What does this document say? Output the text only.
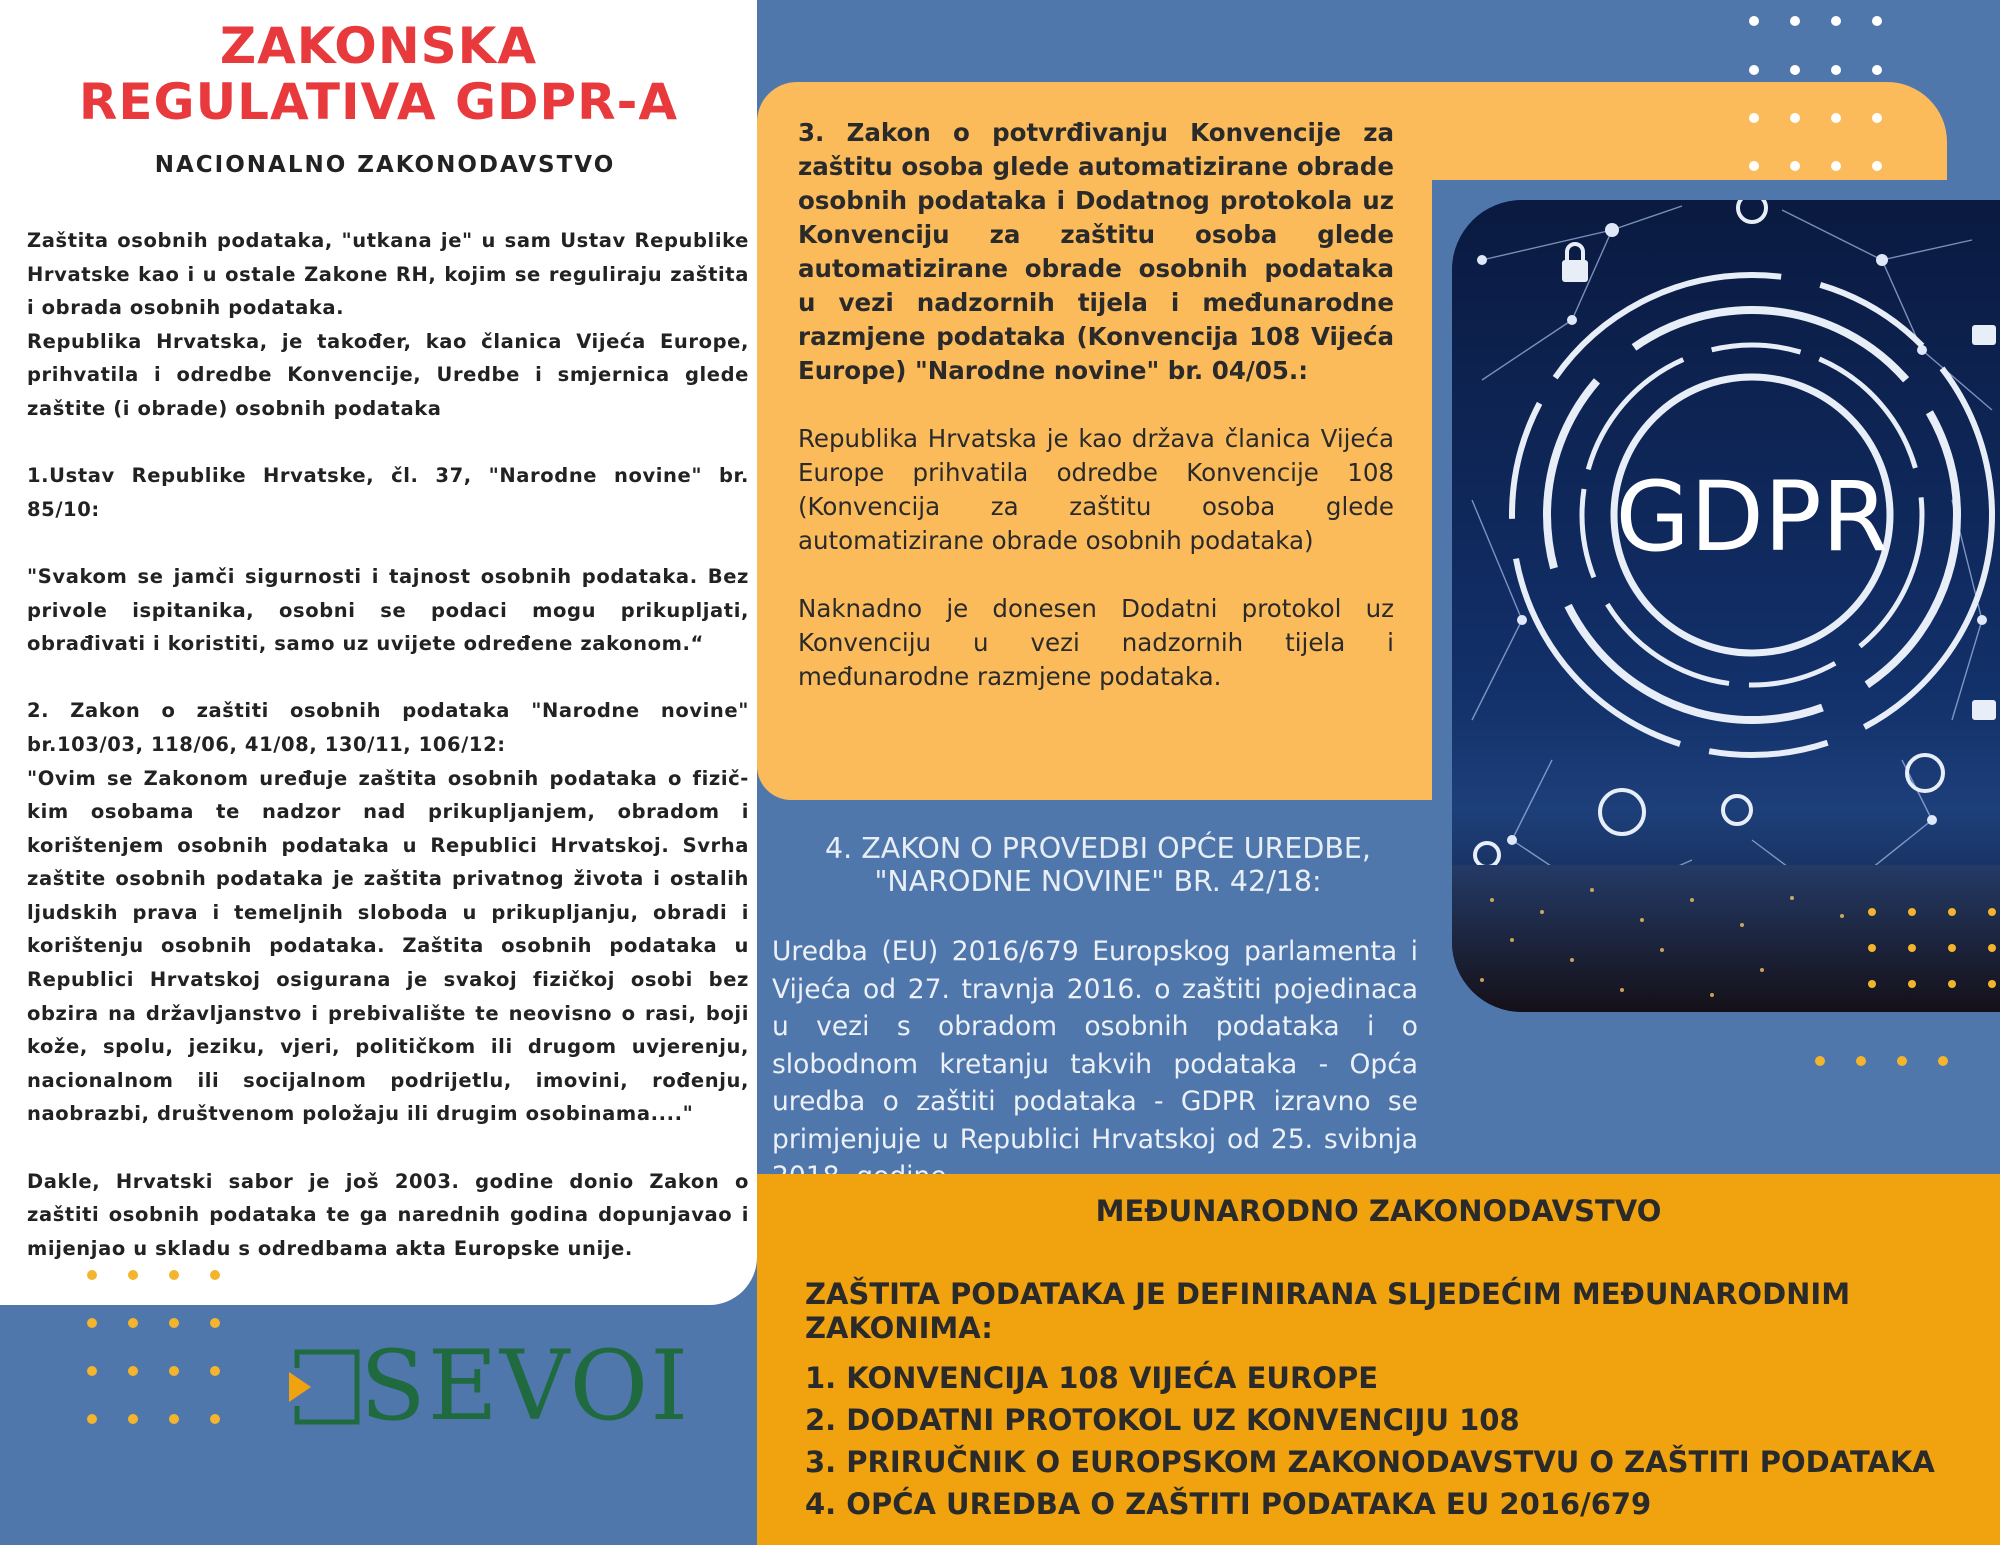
ZAKONSKA
REGULATIVA GDPR-A
NACIONALNO ZAKONODAVSTVO
Zaštita osobnih podataka, "utkana je" u sam Ustav Republike Hrvatske kao i u ostale Zakone RH, kojim se reguliraju zaštita i obrada osobnih podataka.
Republika Hrvatska, je također, kao članica Vijeća Europe, prihvatila i odredbe Konvencije, Uredbe i smjernica glede zaštite (i obrade) osobnih podataka

1.Ustav Republike Hrvatske, čl. 37, "Narodne novine" br. 85/10:

"Svakom se jamči sigurnosti i tajnost osobnih podataka. Bez privole ispitanika, osobni se podaci mogu prikupljati, obrađivati i koristiti, samo uz uvijete određene zakonom.“

2. Zakon o zaštiti osobnih podataka "Narodne novine" br.103/03, 118/06, 41/08, 130/11, 106/12:
"Ovim se Zakonom uređuje zaštita osobnih podataka o fizič-kim osobama te nadzor nad prikupljanjem, obradom i korištenjem osobnih podataka u Republici Hrvatskoj. Svrha zaštite osobnih podataka je zaštita privatnog života i ostalih ljudskih prava i temeljnih sloboda u prikupljanju, obradi i korištenju osobnih podataka. Zaštita osobnih podataka u Republici Hrvatskoj osigurana je svakoj fizičkoj osobi bez obzira na državljanstvo i prebivalište te neovisno o rasi, boji kože, spolu, jeziku, vjeri, političkom ili drugom uvjerenju, nacionalnom ili socijalnom podrijetlu, imovini, rođenju, naobrazbi, društvenom položaju ili drugim osobinama...."

Dakle, Hrvatski sabor je još 2003. godine donio Zakon o zaštiti osobnih podataka te ga narednih godina dopunjavao i mijenjao u skladu s odredbama akta Europske unije.
3. Zakon o potvrđivanju Konvencije za zaštitu osoba glede automatizirane obrade osobnih podataka i Dodatnog protokola uz Konvenciju za zaštitu osoba glede automatizirane obrade osobnih podataka u vezi nadzornih tijela i međunarodne razmjene podataka (Konvencija 108 Vijeća Europe) "Narodne novine" br. 04/05.:
Republika Hrvatska je kao država članica Vijeća Europe prihvatila odredbe Konvencije 108 (Konvencija za zaštitu osoba glede automatizirane obrade osobnih podataka)
Naknadno je donesen Dodatni protokol uz Konvenciju u vezi nadzornih tijela i međunarodne razmjene podataka.
GDPR
4. ZAKON O PROVEDBI OPĆE UREDBE,
"NARODNE NOVINE" BR. 42/18:
Uredba (EU) 2016/679 Europskog parlamenta i Vijeća od 27. travnja 2016. o zaštiti pojedinaca u vezi s obradom osobnih podataka i o slobodnom kretanju takvih podataka - Opća uredba o zaštiti podataka - GDPR izravno se primjenjuje u Republici Hrvatskoj od 25. svibnja
MEĐUNARODNO ZAKONODAVSTVO
ZAŠTITA PODATAKA JE DEFINIRANA SLJEDEĆIM MEĐUNARODNIM ZAKONIMA:
1. KONVENCIJA 108 VIJEĆA EUROPE
2. DODATNI PROTOKOL UZ KONVENCIJU 108
3. PRIRUČNIK O EUROPSKOM ZAKONODAVSTVU O ZAŠTITI PODATAKA
4. OPĆA UREDBA O ZAŠTITI PODATAKA EU 2016/679
SEVOI
